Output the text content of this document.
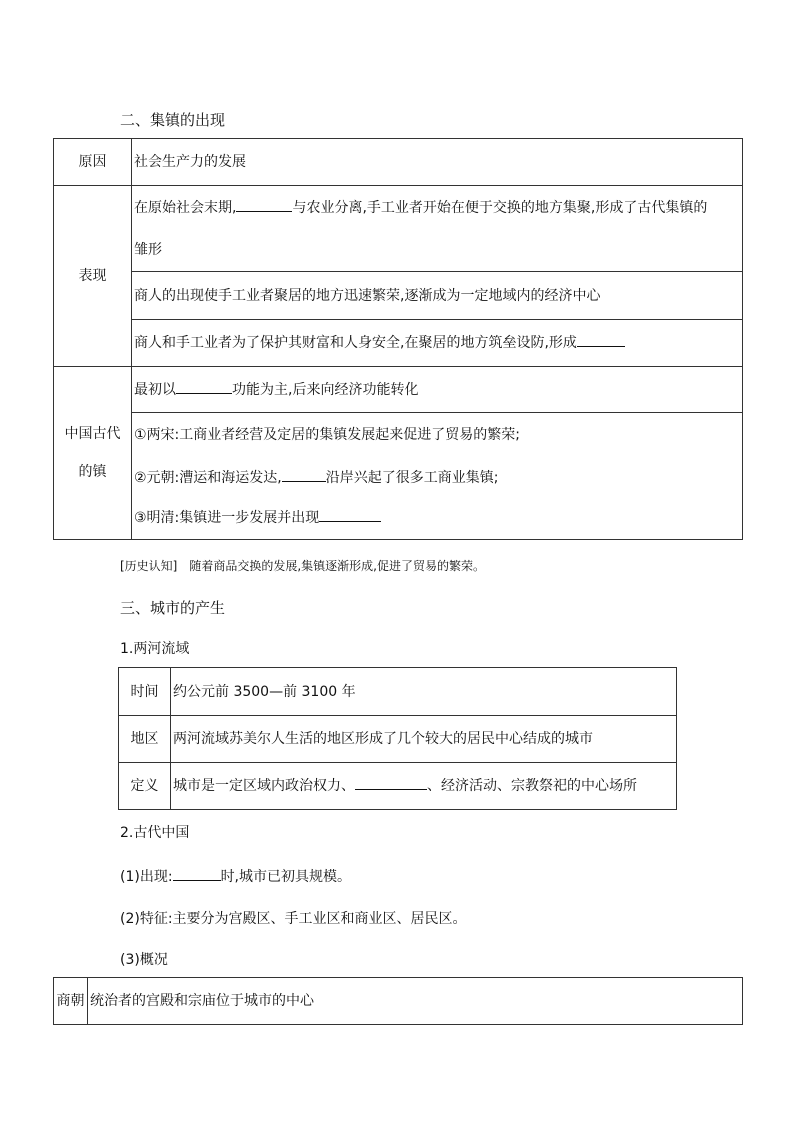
二、集镇的出现
原因	社会生产力的发展
表现	在原始社会末期, 与农业分离,手工业者开始在便于交换的地方集聚,形成了古代集镇的
雏形
	商人的出现使手工业者聚居的地方迅速繁荣,逐渐成为一定地域内的经济中心
	商人和手工业者为了保护其财富和人身安全,在聚居的地方筑垒设防,形成
中国古代
的镇	最初以 功能为主,后来向经济功能转化
	①两宋:工商业者经营及定居的集镇发展起来促进了贸易的繁荣;
	②元朝:漕运和海运发达, 沿岸兴起了很多工商业集镇;
	③明清:集镇进一步发展并出现
[历史认知]　随着商品交换的发展,集镇逐渐形成,促进了贸易的繁荣。
三、城市的产生
1.两河流域
时间	约公元前 3500—前 3100 年
地区	两河流域苏美尔人生活的地区形成了几个较大的居民中心结成的城市
定义	城市是一定区域内政治权力、 、经济活动、宗教祭祀的中心场所
2.古代中国
(1)出现:	时,城市已初具规模。
(2)特征:主要分为宫殿区、手工业区和商业区、居民区。
(3)概况
商朝	统治者的宫殿和宗庙位于城市的中心
